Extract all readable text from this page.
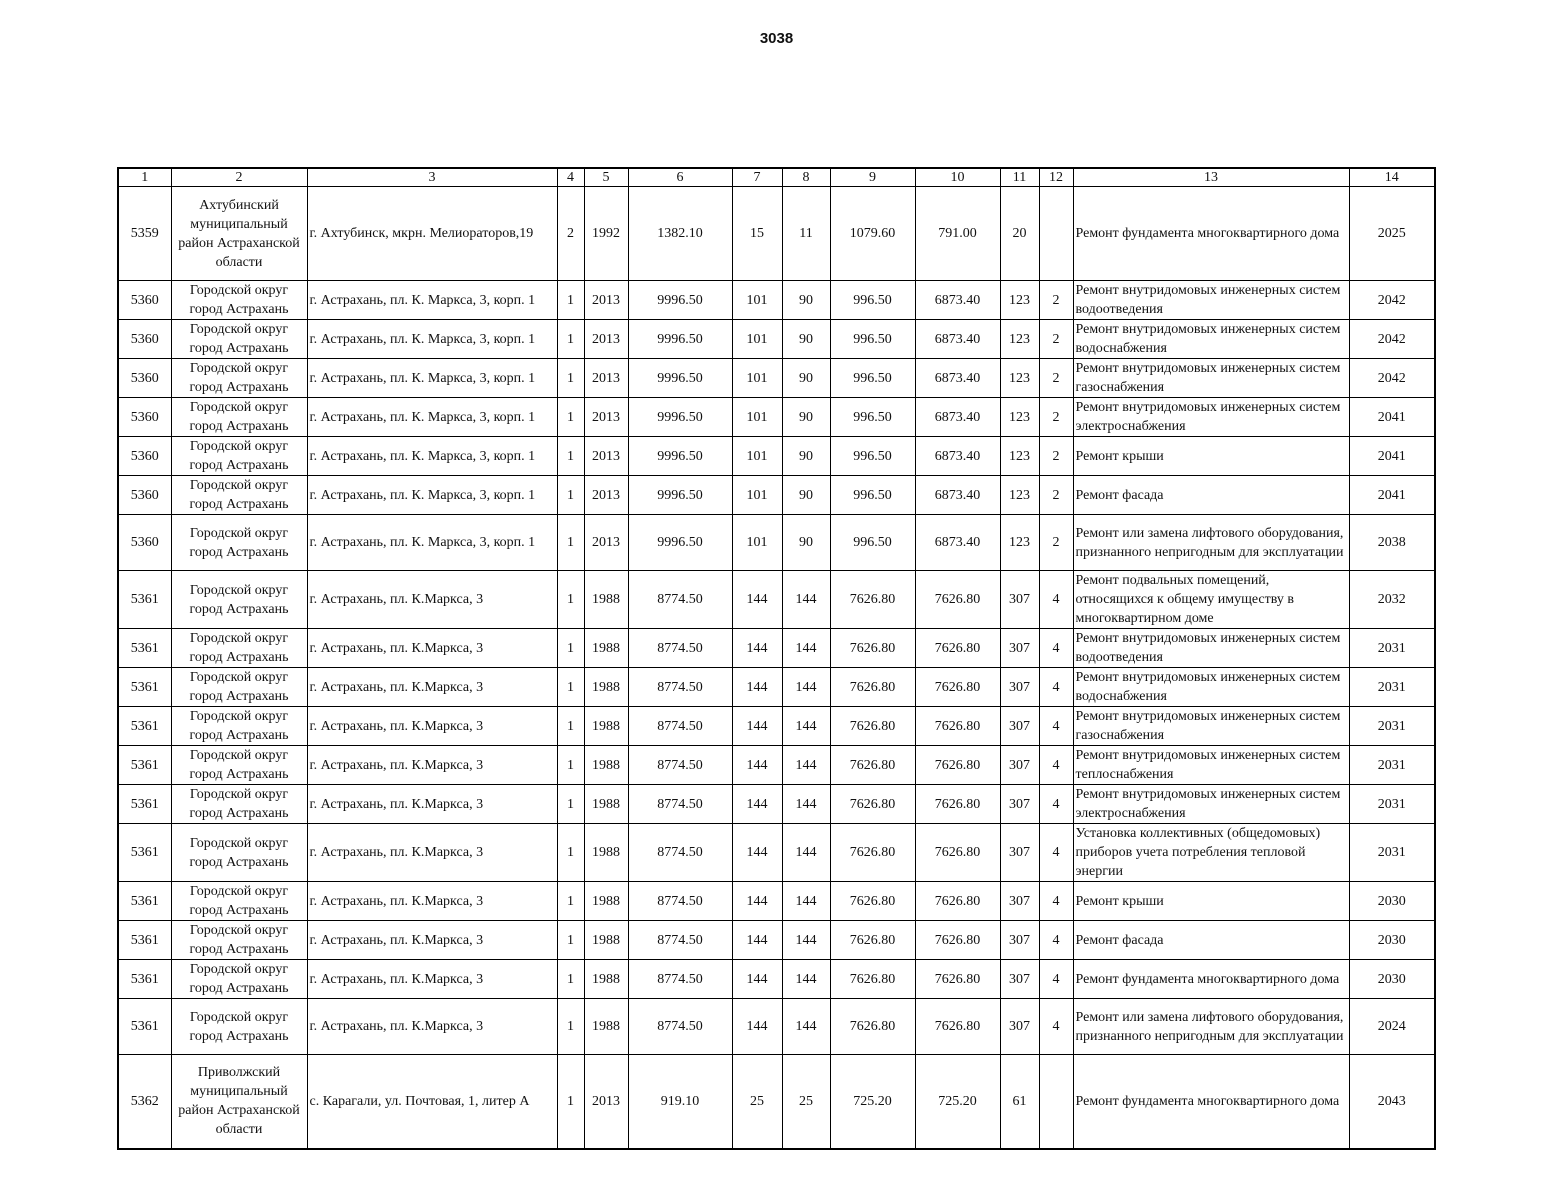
3038
1	2	3	4	5	6	7	8	9	10	11	12	13	14
5359	Ахтубинский муниципальный район Астраханской области	г. Ахтубинск, мкрн. Мелиораторов,19	2	1992	1382.10	15	11	1079.60	791.00	20		Ремонт фундамента многоквартирного дома	2025
5360	Городской округ город Астрахань	г. Астрахань, пл. К. Маркса, 3, корп. 1	1	2013	9996.50	101	90	996.50	6873.40	123	2	Ремонт внутридомовых инженерных систем водоотведения	2042
5360	Городской округ город Астрахань	г. Астрахань, пл. К. Маркса, 3, корп. 1	1	2013	9996.50	101	90	996.50	6873.40	123	2	Ремонт внутридомовых инженерных систем водоснабжения	2042
5360	Городской округ город Астрахань	г. Астрахань, пл. К. Маркса, 3, корп. 1	1	2013	9996.50	101	90	996.50	6873.40	123	2	Ремонт внутридомовых инженерных систем газоснабжения	2042
5360	Городской округ город Астрахань	г. Астрахань, пл. К. Маркса, 3, корп. 1	1	2013	9996.50	101	90	996.50	6873.40	123	2	Ремонт внутридомовых инженерных систем электроснабжения	2041
5360	Городской округ город Астрахань	г. Астрахань, пл. К. Маркса, 3, корп. 1	1	2013	9996.50	101	90	996.50	6873.40	123	2	Ремонт крыши	2041
5360	Городской округ город Астрахань	г. Астрахань, пл. К. Маркса, 3, корп. 1	1	2013	9996.50	101	90	996.50	6873.40	123	2	Ремонт фасада	2041
5360	Городской округ город Астрахань	г. Астрахань, пл. К. Маркса, 3, корп. 1	1	2013	9996.50	101	90	996.50	6873.40	123	2	Ремонт или замена лифтового оборудования, признанного непригодным для эксплуатации	2038
5361	Городской округ город Астрахань	г. Астрахань, пл. К.Маркса, 3	1	1988	8774.50	144	144	7626.80	7626.80	307	4	Ремонт подвальных помещений, относящихся к общему имуществу в многоквартирном доме	2032
5361	Городской округ город Астрахань	г. Астрахань, пл. К.Маркса, 3	1	1988	8774.50	144	144	7626.80	7626.80	307	4	Ремонт внутридомовых инженерных систем водоотведения	2031
5361	Городской округ город Астрахань	г. Астрахань, пл. К.Маркса, 3	1	1988	8774.50	144	144	7626.80	7626.80	307	4	Ремонт внутридомовых инженерных систем водоснабжения	2031
5361	Городской округ город Астрахань	г. Астрахань, пл. К.Маркса, 3	1	1988	8774.50	144	144	7626.80	7626.80	307	4	Ремонт внутридомовых инженерных систем газоснабжения	2031
5361	Городской округ город Астрахань	г. Астрахань, пл. К.Маркса, 3	1	1988	8774.50	144	144	7626.80	7626.80	307	4	Ремонт внутридомовых инженерных систем теплоснабжения	2031
5361	Городской округ город Астрахань	г. Астрахань, пл. К.Маркса, 3	1	1988	8774.50	144	144	7626.80	7626.80	307	4	Ремонт внутридомовых инженерных систем электроснабжения	2031
5361	Городской округ город Астрахань	г. Астрахань, пл. К.Маркса, 3	1	1988	8774.50	144	144	7626.80	7626.80	307	4	Установка коллективных (общедомовых) приборов учета потребления тепловой энергии	2031
5361	Городской округ город Астрахань	г. Астрахань, пл. К.Маркса, 3	1	1988	8774.50	144	144	7626.80	7626.80	307	4	Ремонт крыши	2030
5361	Городской округ город Астрахань	г. Астрахань, пл. К.Маркса, 3	1	1988	8774.50	144	144	7626.80	7626.80	307	4	Ремонт фасада	2030
5361	Городской округ город Астрахань	г. Астрахань, пл. К.Маркса, 3	1	1988	8774.50	144	144	7626.80	7626.80	307	4	Ремонт фундамента многоквартирного дома	2030
5361	Городской округ город Астрахань	г. Астрахань, пл. К.Маркса, 3	1	1988	8774.50	144	144	7626.80	7626.80	307	4	Ремонт или замена лифтового оборудования, признанного непригодным для эксплуатации	2024
5362	Приволжский муниципальный район Астраханской области	с. Карагали, ул. Почтовая, 1, литер А	1	2013	919.10	25	25	725.20	725.20	61		Ремонт фундамента многоквартирного дома	2043
